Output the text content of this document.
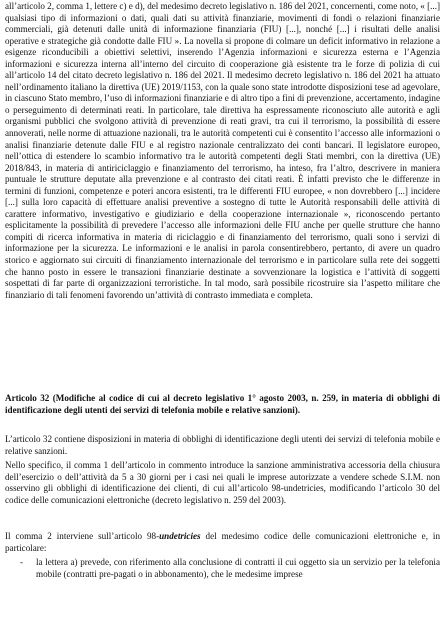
all’articolo 2, comma 1, lettere c) e d), del medesimo decreto legislativo n. 186 del 2021, concernenti, come noto, « [...] qualsiasi tipo di informazioni o dati, quali dati su attività finanziarie, movimenti di fondi o relazioni finanziarie commerciali, già detenuti dalle unità di informazione finanziaria (FIU) [...], nonché [...] i risultati delle analisi operative e strategiche già condotte dalle FIU ». La novella si propone di colmare un deficit informativo in relazione a esigenze riconducibili a obiettivi selettivi, inserendo l’Agenzia informazioni e sicurezza esterna e l’Agenzia informazioni e sicurezza interna all’interno del circuito di cooperazione già esistente tra le forze di polizia di cui all’articolo 14 del citato decreto legislativo n. 186 del 2021. Il medesimo decreto legislativo n. 186 del 2021 ha attuato nell’ordinamento italiano la direttiva (UE) 2019/1153, con la quale sono state introdotte disposizioni tese ad agevolare, in ciascuno Stato membro, l’uso di informazioni finanziarie e di altro tipo a fini di prevenzione, accertamento, indagine o perseguimento di determinati reati. In particolare, tale direttiva ha espressamente riconosciuto alle autorità e agli organismi pubblici che svolgono attività di prevenzione di reati gravi, tra cui il terrorismo, la possibilità di essere annoverati, nelle norme di attuazione nazionali, tra le autorità competenti cui è consentito l’accesso alle informazioni o analisi finanziarie detenute dalle FIU e al registro nazionale centralizzato dei conti bancari. Il legislatore europeo, nell’ottica di estendere lo scambio informativo tra le autorità competenti degli Stati membri, con la direttiva (UE) 2018/843, in materia di antiriciclaggio e finanziamento del terrorismo, ha inteso, fra l’altro, descrivere in maniera puntuale le strutture deputate alla prevenzione e al contrasto dei citati reati. È infatti previsto che le differenze in termini di funzioni, competenze e poteri ancora esistenti, tra le differenti FIU europee, « non dovrebbero [...] incidere [...] sulla loro capacità di effettuare analisi preventive a sostegno di tutte le Autorità responsabili delle attività di carattere informativo, investigativo e giudiziario e della cooperazione internazionale », riconoscendo pertanto esplicitamente la possibilità di prevedere l’accesso alle informazioni delle FIU anche per quelle strutture che hanno compiti di ricerca informativa in materia di riciclaggio e di finanziamento del terrorismo, quali sono i servizi di informazione per la sicurezza. Le informazioni e le analisi in parola consentirebbero, pertanto, di avere un quadro storico e aggiornato sui circuiti di finanziamento internazionale del terrorismo e in particolare sulla rete dei soggetti che hanno posto in essere le transazioni finanziarie destinate a sovvenzionare la logistica e l’attività di soggetti sospettati di far parte di organizzazioni terroristiche. In tal modo, sarà possibile ricostruire sia l’aspetto militare che finanziario di tali fenomeni favorendo un’attività di contrasto immediata e completa.

Articolo 32 (Modifiche al codice di cui al decreto legislativo 1° agosto 2003, n. 259, in materia di obblighi di identificazione degli utenti dei servizi di telefonia mobile e relative sanzioni).

L’articolo 32 contiene disposizioni in materia di obblighi di identificazione degli utenti dei servizi di telefonia mobile e relative sanzioni.

Nello specifico, il comma 1 dell’articolo in commento introduce la sanzione amministrativa accessoria della chiusura dell’esercizio o dell’attività da 5 a 30 giorni per i casi nei quali le imprese autorizzate a vendere schede S.I.M. non osservino gli obblighi di identificazione dei clienti, di cui all’articolo 98-undetricies, modificando l’articolo 30 del codice delle comunicazioni elettroniche (decreto legislativo n. 259 del 2003).

Il comma 2 interviene sull’articolo 98-undetricies del medesimo codice delle comunicazioni elettroniche e, in particolare:

- la lettera a) prevede, con riferimento alla conclusione di contratti il cui oggetto sia un servizio per la telefonia mobile (contratti pre-pagati o in abbonamento), che le medesime imprese
